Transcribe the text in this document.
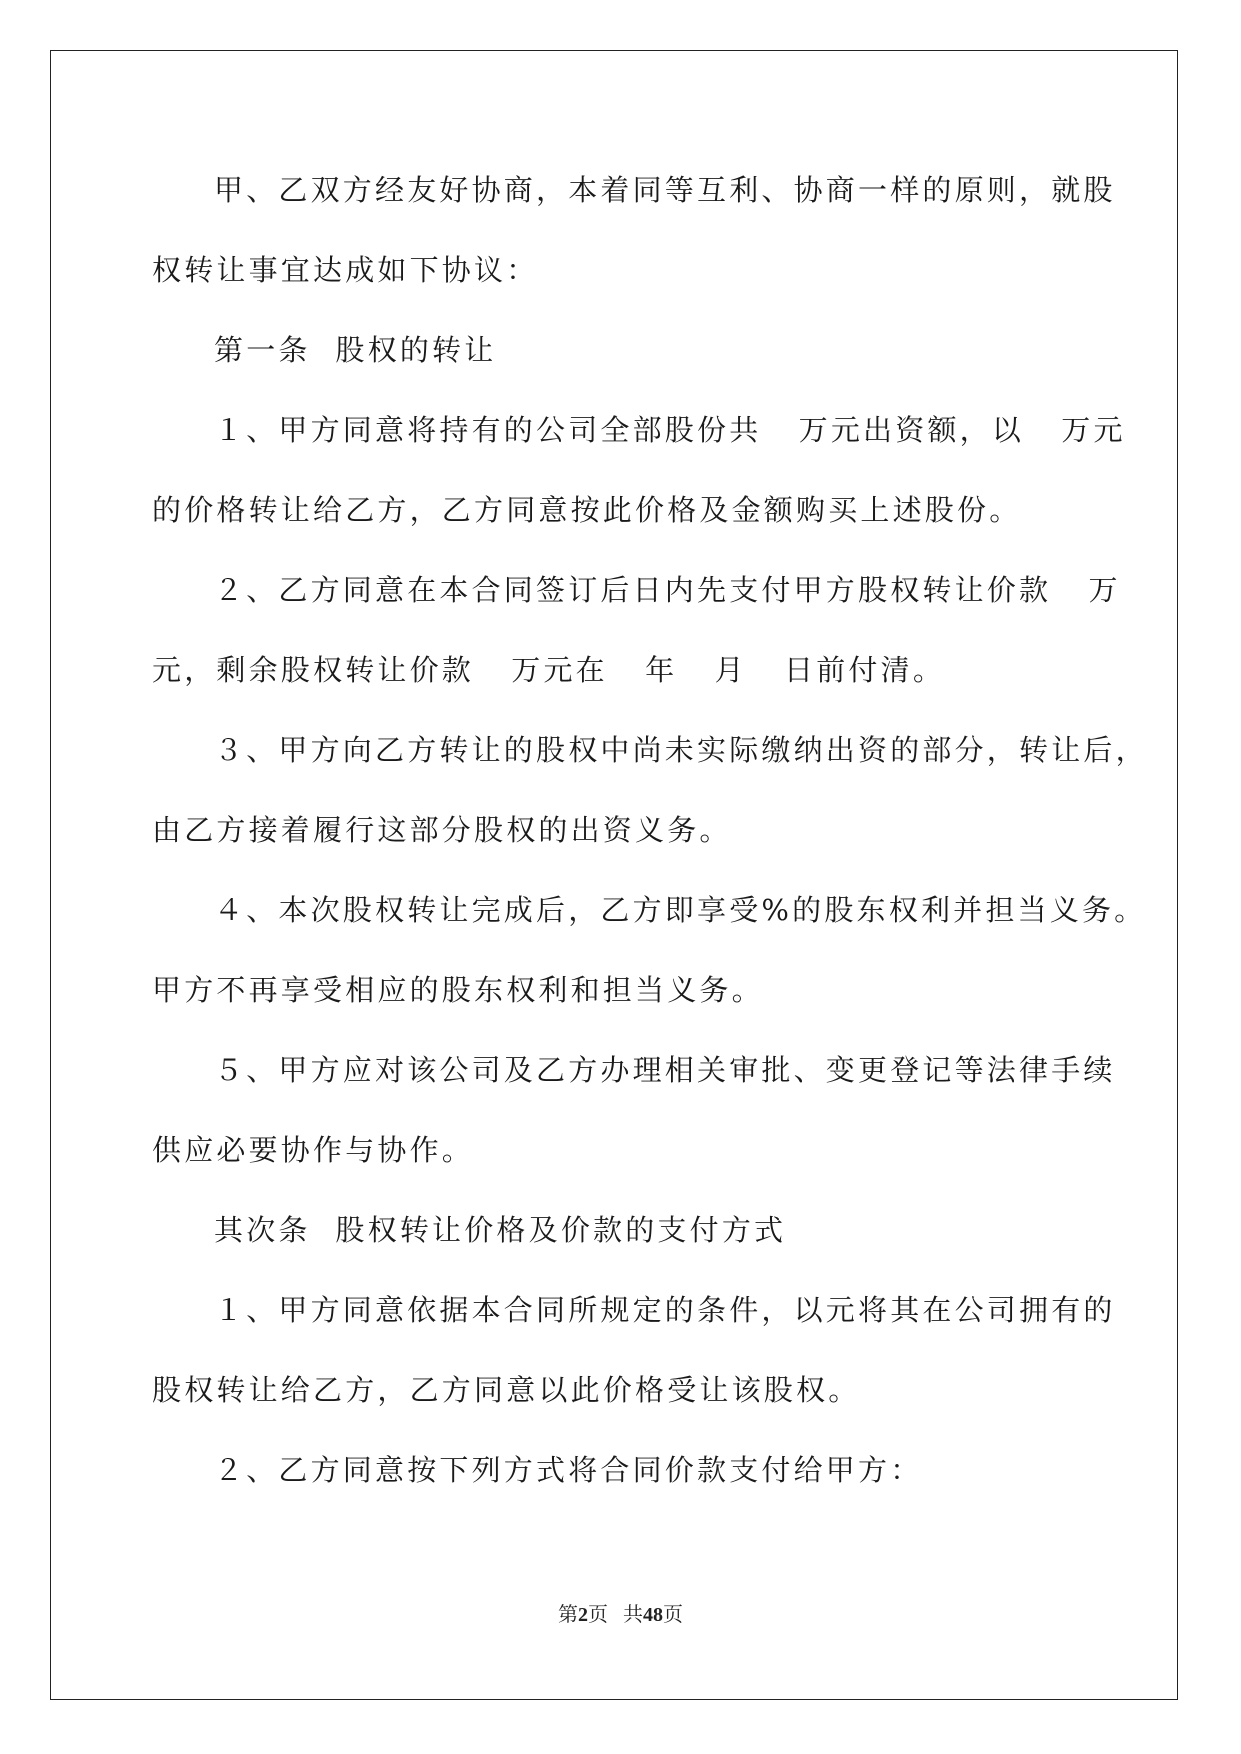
甲、乙双方经友好协商，本着同等互利、协商一样的原则，就股
权转让事宜达成如下协议：
第一条  股权的转让
１、甲方同意将持有的公司全部股份共   万元出资额，以   万元
的价格转让给乙方，乙方同意按此价格及金额购买上述股份。
２、乙方同意在本合同签订后日内先支付甲方股权转让价款   万
元，剩余股权转让价款   万元在   年   月   日前付清。
３、甲方向乙方转让的股权中尚未实际缴纳出资的部分，转让后，
由乙方接着履行这部分股权的出资义务。
４、本次股权转让完成后，乙方即享受%的股东权利并担当义务。
甲方不再享受相应的股东权利和担当义务。
５、甲方应对该公司及乙方办理相关审批、变更登记等法律手续
供应必要协作与协作。
其次条  股权转让价格及价款的支付方式
１、甲方同意依据本合同所规定的条件，以元将其在公司拥有的
股权转让给乙方，乙方同意以此价格受让该股权。
２、乙方同意按下列方式将合同价款支付给甲方：
第2页   共48页
